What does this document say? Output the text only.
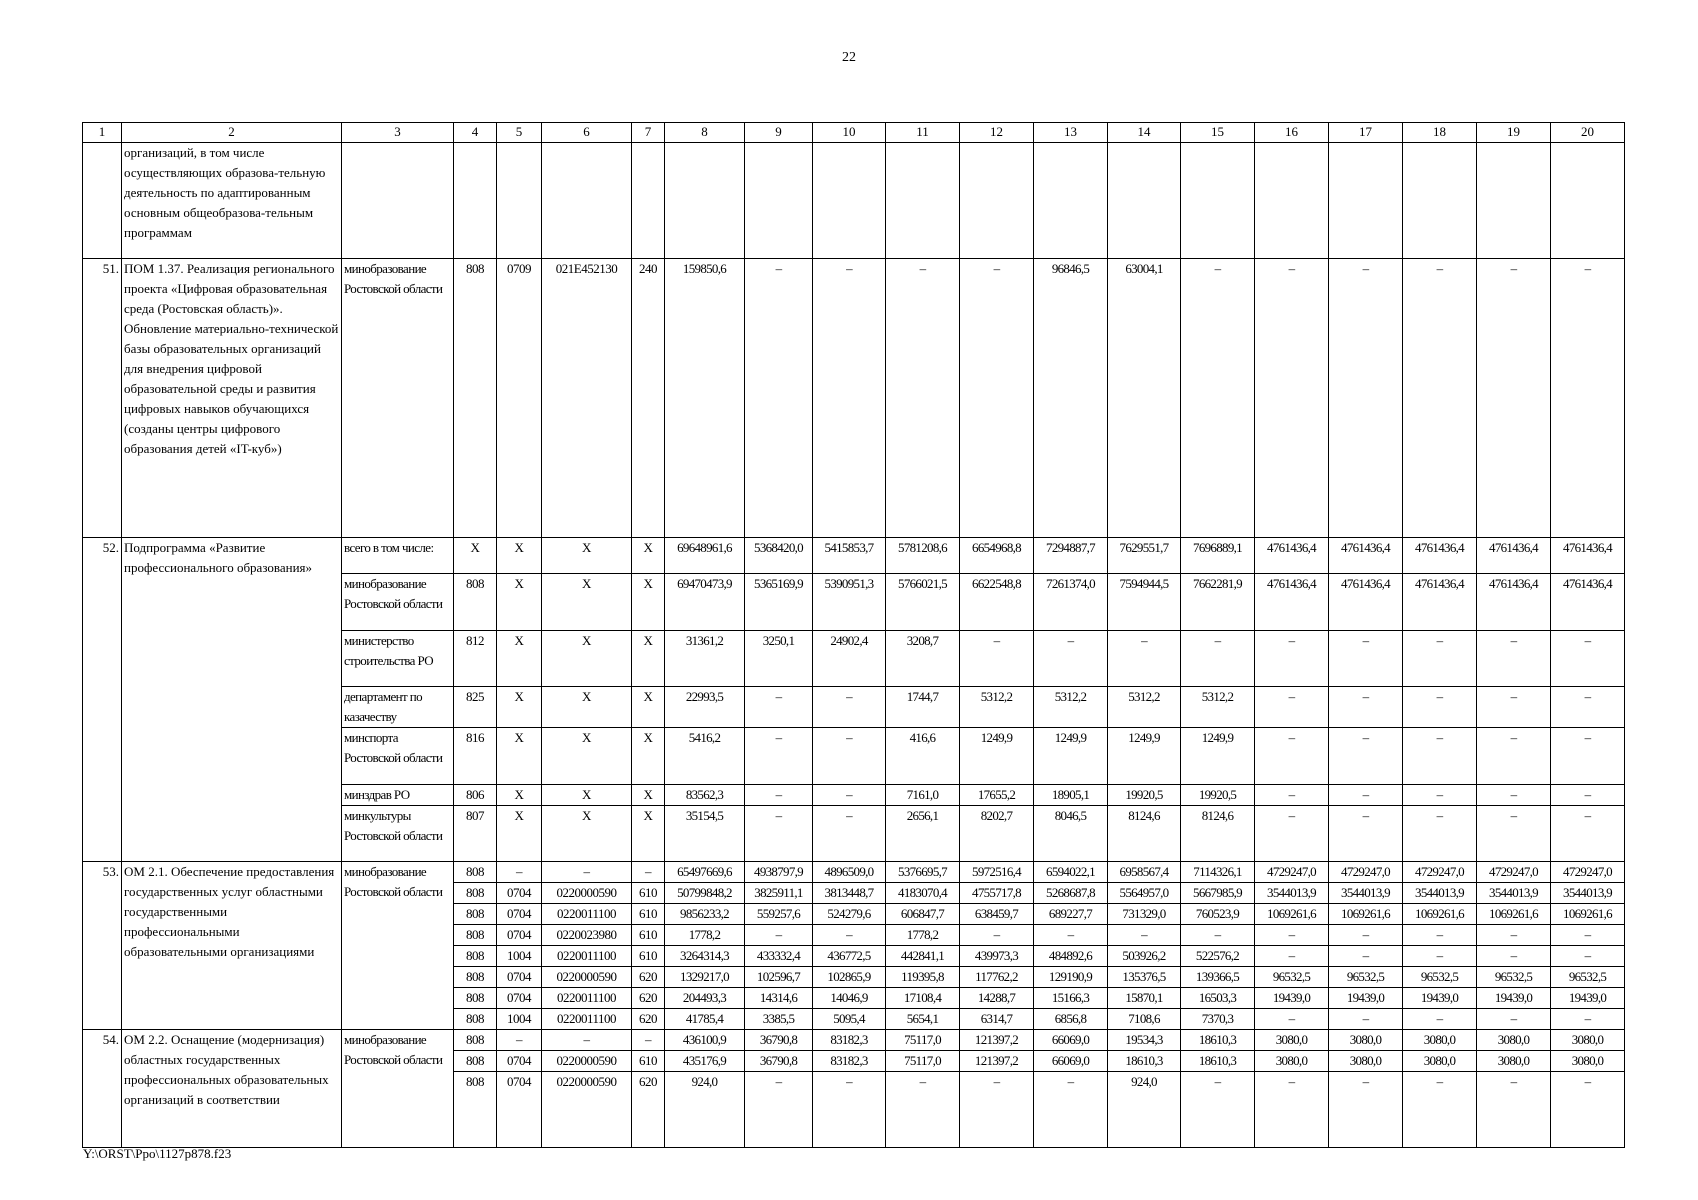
22
1	2	3	4	5	6	7	8	9	10	11	12	13	14	15	16	17	18	19	20
	организаций, в том числе осуществляющих образова-тельную деятельность по адаптированным основным общеобразова-тельным программам																		
51.	ПОМ 1.37. Реализация регионального проекта «Цифровая образовательная среда (Ростовская область)». Обновление материально-технической базы образовательных организаций для внедрения цифровой образовательной среды и развития цифровых навыков обучающихся (созданы центры цифрового образования детей «IT-куб»)	минобразование Ростовской области	808	0709	021E452130	240	159850,6	–	–	–	–	96846,5	63004,1	–	–	–	–	–	–
52.	Подпрограмма «Развитие профессионального образования»	всего в том числе:	Х	Х	Х	Х	69648961,6	5368420,0	5415853,7	5781208,6	6654968,8	7294887,7	7629551,7	7696889,1	4761436,4	4761436,4	4761436,4	4761436,4	4761436,4
		минобразование Ростовской области	808	Х	Х	Х	69470473,9	5365169,9	5390951,3	5766021,5	6622548,8	7261374,0	7594944,5	7662281,9	4761436,4	4761436,4	4761436,4	4761436,4	4761436,4
		министерство строительства РО	812	Х	Х	Х	31361,2	3250,1	24902,4	3208,7	–	–	–	–	–	–	–	–	–
		департамент по казачеству	825	Х	Х	Х	22993,5	–	–	1744,7	5312,2	5312,2	5312,2	5312,2	–	–	–	–	–
		минспорта Ростовской области	816	Х	Х	Х	5416,2	–	–	416,6	1249,9	1249,9	1249,9	1249,9	–	–	–	–	–
		минздрав РО	806	Х	Х	Х	83562,3	–	–	7161,0	17655,2	18905,1	19920,5	19920,5	–	–	–	–	–
		минкультуры Ростовской области	807	Х	Х	Х	35154,5	–	–	2656,1	8202,7	8046,5	8124,6	8124,6	–	–	–	–	–
53.	ОМ 2.1. Обеспечение предоставления государственных услуг областными государственными профессиональными образовательными организациями	минобразование Ростовской области	808	–	–	–	65497669,6	4938797,9	4896509,0	5376695,7	5972516,4	6594022,1	6958567,4	7114326,1	4729247,0	4729247,0	4729247,0	4729247,0	4729247,0
			808	0704	0220000590	610	50799848,2	3825911,1	3813448,7	4183070,4	4755717,8	5268687,8	5564957,0	5667985,9	3544013,9	3544013,9	3544013,9	3544013,9	3544013,9
			808	0704	0220011100	610	9856233,2	559257,6	524279,6	606847,7	638459,7	689227,7	731329,0	760523,9	1069261,6	1069261,6	1069261,6	1069261,6	1069261,6
			808	0704	0220023980	610	1778,2	–	–	1778,2	–	–	–	–	–	–	–	–	–
			808	1004	0220011100	610	3264314,3	433332,4	436772,5	442841,1	439973,3	484892,6	503926,2	522576,2	–	–	–	–	–
			808	0704	0220000590	620	1329217,0	102596,7	102865,9	119395,8	117762,2	129190,9	135376,5	139366,5	96532,5	96532,5	96532,5	96532,5	96532,5
			808	0704	0220011100	620	204493,3	14314,6	14046,9	17108,4	14288,7	15166,3	15870,1	16503,3	19439,0	19439,0	19439,0	19439,0	19439,0
			808	1004	0220011100	620	41785,4	3385,5	5095,4	5654,1	6314,7	6856,8	7108,6	7370,3	–	–	–	–	–
54.	ОМ 2.2. Оснащение (модернизация) областных государственных профессиональных образовательных организаций в соответствии	минобразование Ростовской области	808	–	–	–	436100,9	36790,8	83182,3	75117,0	121397,2	66069,0	19534,3	18610,3	3080,0	3080,0	3080,0	3080,0	3080,0
			808	0704	0220000590	610	435176,9	36790,8	83182,3	75117,0	121397,2	66069,0	18610,3	18610,3	3080,0	3080,0	3080,0	3080,0	3080,0
			808	0704	0220000590	620	924,0	–	–	–	–	–	924,0	–	–	–	–	–	–
Y:\ORST\Ppo\1127p878.f23
